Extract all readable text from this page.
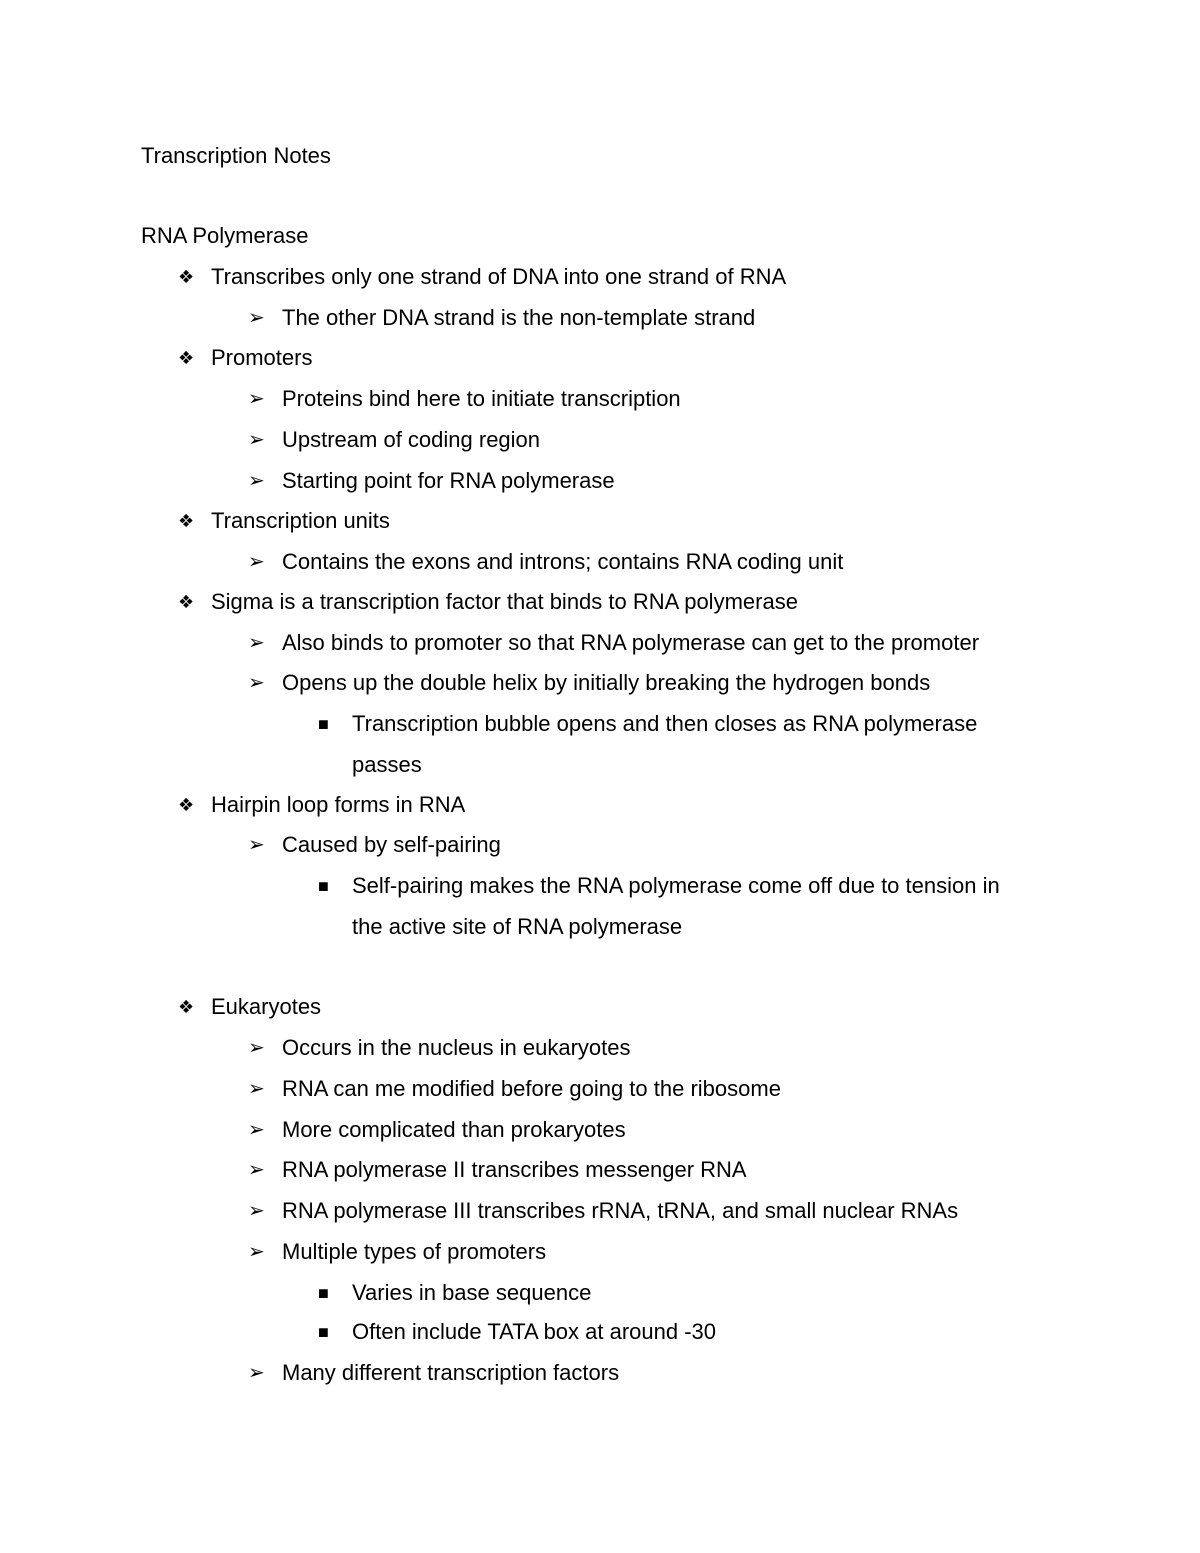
Transcription Notes
RNA Polymerase
❖ Transcribes only one strand of DNA into one strand of RNA
➢ The other DNA strand is the non-template strand
❖ Promoters
➢ Proteins bind here to initiate transcription
➢ Upstream of coding region
➢ Starting point for RNA polymerase
❖ Transcription units
➢ Contains the exons and introns; contains RNA coding unit
❖ Sigma is a transcription factor that binds to RNA polymerase
➢ Also binds to promoter so that RNA polymerase can get to the promoter
➢ Opens up the double helix by initially breaking the hydrogen bonds
■ Transcription bubble opens and then closes as RNA polymerase
passes
❖ Hairpin loop forms in RNA
➢ Caused by self-pairing
■ Self-pairing makes the RNA polymerase come off due to tension in
the active site of RNA polymerase
❖ Eukaryotes
➢ Occurs in the nucleus in eukaryotes
➢ RNA can me modified before going to the ribosome
➢ More complicated than prokaryotes
➢ RNA polymerase II transcribes messenger RNA
➢ RNA polymerase III transcribes rRNA, tRNA, and small nuclear RNAs
➢ Multiple types of promoters
■ Varies in base sequence
■ Often include TATA box at around -30
➢ Many different transcription factors
